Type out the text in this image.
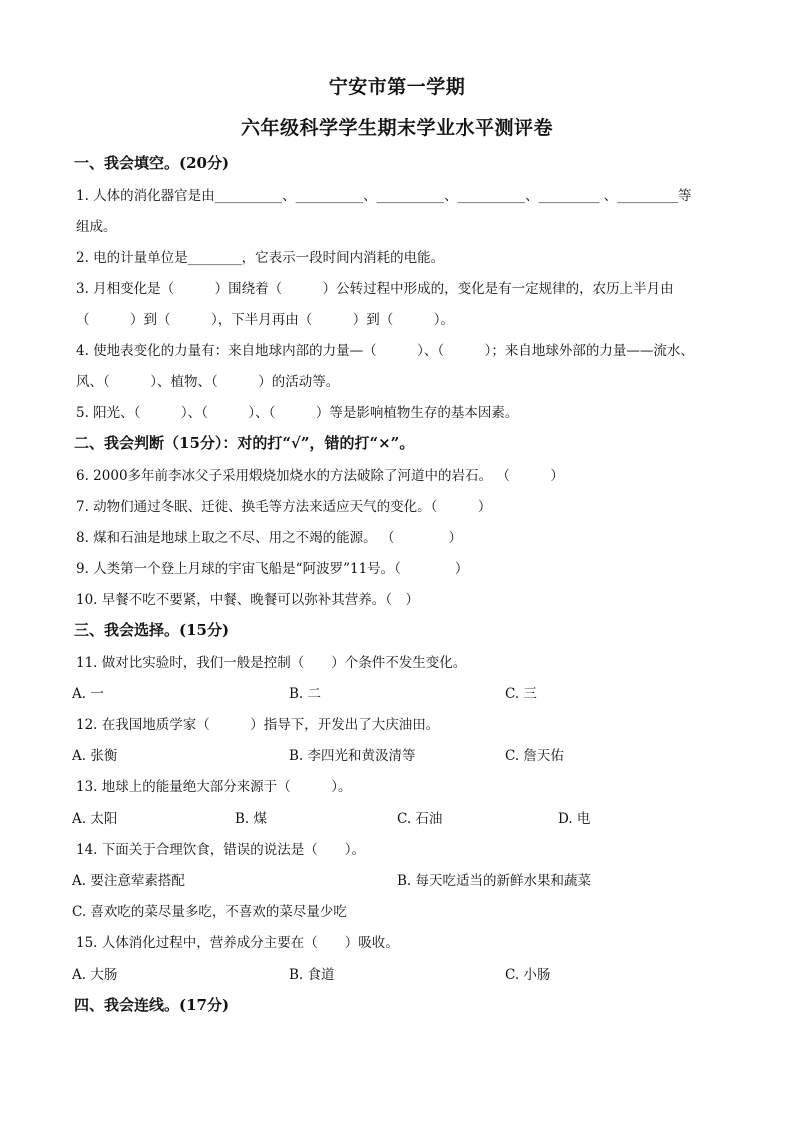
宁安市第一学期
六年级科学学生期末学业水平测评卷
一、我会填空。(20分)
1. 人体的消化器官是由__________、__________、__________、__________、_________ 、_________等
组成。
2. 电的计量单位是________，它表示一段时间内消耗的电能。
3. 月相变化是（　　　）围绕着（　　　）公转过程中形成的，变化是有一定规律的，农历上半月由
（　　　）到（　　　），下半月再由（　　　）到（　　　）。
4. 使地表变化的力量有：来自地球内部的力量—（　　　）、（　　　）；来自地球外部的力量——流水、
风、（　　　）、植物、（　　　）的活动等。
5. 阳光、（　　　）、（　　　）、（　　　）等是影响植物生存的基本因素。
二、我会判断（15分）：对的打“√”，错的打“×”。
6. 2000多年前李冰父子采用煅烧加烧水的方法破除了河道中的岩石。 （　　　）
7. 动物们通过冬眠、迁徙、换毛等方法来适应天气的变化。（　　　）
8. 煤和石油是地球上取之不尽、用之不竭的能源。 （　　　　）
9. 人类第一个登上月球的宇宙飞船是“阿波罗”11号。（　　　　）
10. 早餐不吃不要紧，中餐、晚餐可以弥补其营养。（　）
三、我会选择。(15分)
11. 做对比实验时，我们一般是控制（　　）个条件不发生变化。
A. 一	B. 二	C. 三
12. 在我国地质学家（　　　）指导下，开发出了大庆油田。
A. 张衡	B. 李四光和黄汲清等	C. 詹天佑
13. 地球上的能量绝大部分来源于（　　　）。
A. 太阳	B. 煤	C. 石油	D. 电
14. 下面关于合理饮食，错误的说法是（　　）。
A. 要注意荤素搭配	B. 每天吃适当的新鲜水果和蔬菜
C. 喜欢吃的菜尽量多吃，不喜欢的菜尽量少吃
15. 人体消化过程中，营养成分主要在（　　）吸收。
A. 大肠	B. 食道	C. 小肠
四、我会连线。(17分)
